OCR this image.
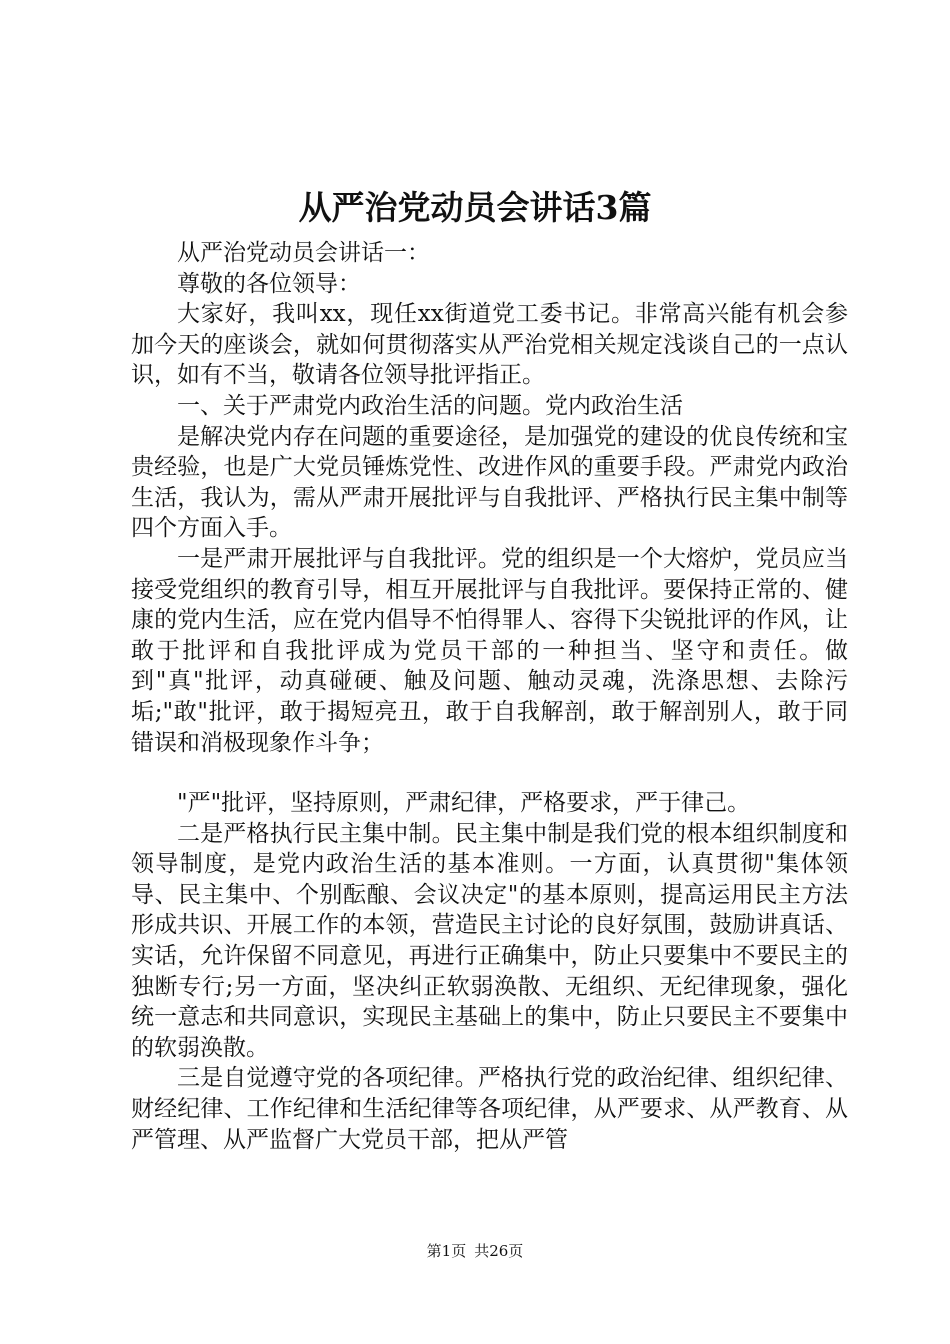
从严治党动员会讲话3篇

从严治党动员会讲话一：

尊敬的各位领导：

大家好，我叫xx，现任xx街道党工委书记。非常高兴能有机会参加今天的座谈会，就如何贯彻落实从严治党相关规定浅谈自己的一点认识，如有不当，敬请各位领导批评指正。

一、关于严肃党内政治生活的问题。党内政治生活

是解决党内存在问题的重要途径，是加强党的建设的优良传统和宝贵经验，也是广大党员锤炼党性、改进作风的重要手段。严肃党内政治生活，我认为，需从严肃开展批评与自我批评、严格执行民主集中制等四个方面入手。

一是严肃开展批评与自我批评。党的组织是一个大熔炉，党员应当接受党组织的教育引导，相互开展批评与自我批评。要保持正常的、健康的党内生活，应在党内倡导不怕得罪人、容得下尖锐批评的作风，让敢于批评和自我批评成为党员干部的一种担当、坚守和责任。做到"真"批评，动真碰硬、触及问题、触动灵魂，洗涤思想、去除污垢;"敢"批评，敢于揭短亮丑，敢于自我解剖，敢于解剖别人，敢于同错误和消极现象作斗争；

"严"批评，坚持原则，严肃纪律，严格要求，严于律己。

二是严格执行民主集中制。民主集中制是我们党的根本组织制度和领导制度，是党内政治生活的基本准则。一方面，认真贯彻"集体领导、民主集中、个别酝酿、会议决定"的基本原则，提高运用民主方法形成共识、开展工作的本领，营造民主讨论的良好氛围，鼓励讲真话、实话，允许保留不同意见，再进行正确集中，防止只要集中不要民主的独断专行;另一方面，坚决纠正软弱涣散、无组织、无纪律现象，强化统一意志和共同意识，实现民主基础上的集中，防止只要民主不要集中的软弱涣散。

三是自觉遵守党的各项纪律。严格执行党的政治纪律、组织纪律、财经纪律、工作纪律和生活纪律等各项纪律，从严要求、从严教育、从严管理、从严监督广大党员干部，把从严管

第1页 共26页
